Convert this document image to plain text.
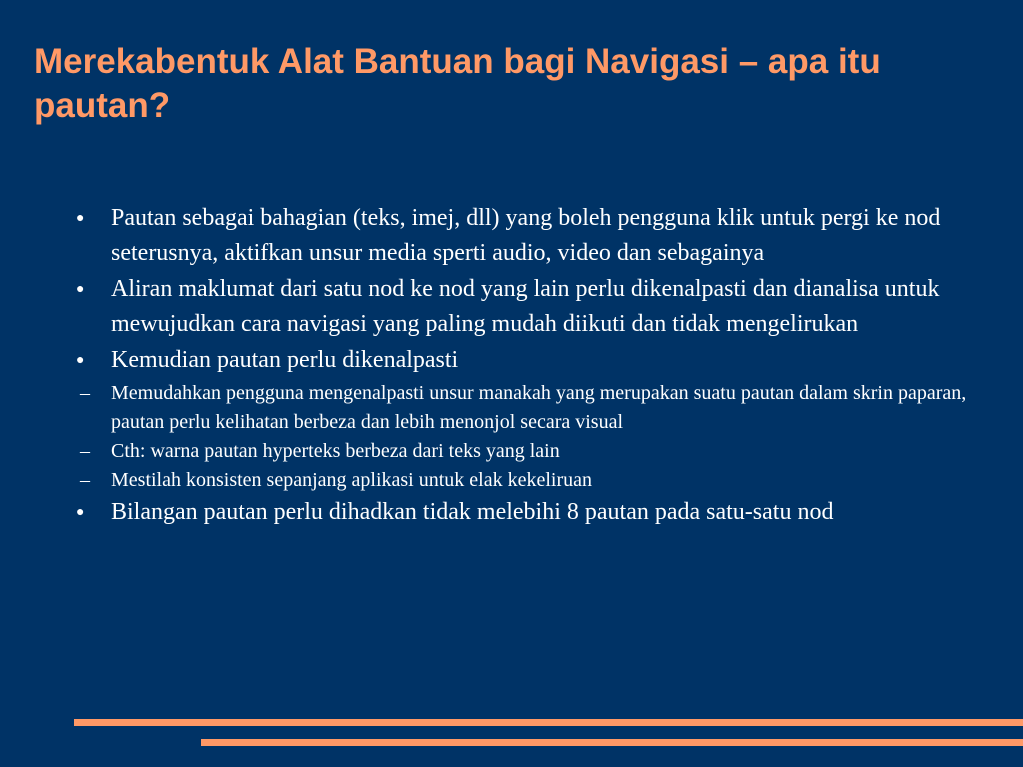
Merekabentuk Alat Bantuan bagi Navigasi – apa itu pautan?
● Pautan sebagai bahagian (teks, imej, dll) yang boleh pengguna klik untuk pergi ke nod seterusnya, aktifkan unsur media sperti audio, video dan sebagainya
● Aliran maklumat dari satu nod ke nod yang lain perlu dikenalpasti dan dianalisa untuk mewujudkan cara navigasi yang paling mudah diikuti dan tidak mengelirukan
● Kemudian pautan perlu dikenalpasti
– Memudahkan pengguna mengenalpasti unsur manakah yang merupakan suatu pautan dalam skrin paparan, pautan perlu kelihatan berbeza dan lebih menonjol secara visual
– Cth: warna pautan hyperteks berbeza dari teks yang lain
– Mestilah konsisten sepanjang aplikasi untuk elak kekeliruan
● Bilangan pautan perlu dihadkan tidak melebihi 8 pautan pada satu-satu nod
